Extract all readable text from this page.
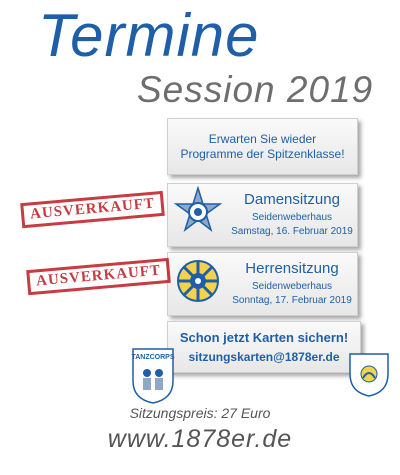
Termine
Session 2019
Erwarten Sie wieder
Programme der Spitzenklasse!
Damensitzung
Seidenweberhaus
Samstag, 16. Februar 2019
Herrensitzung
Seidenweberhaus
Sonntag, 17. Februar 2019
AUSVERKAUFT
AUSVERKAUFT
Schon jetzt Karten sichern!
sitzungskarten@1878er.de
TANZCORPS
Sitzungspreis: 27 Euro
www.1878er.de
